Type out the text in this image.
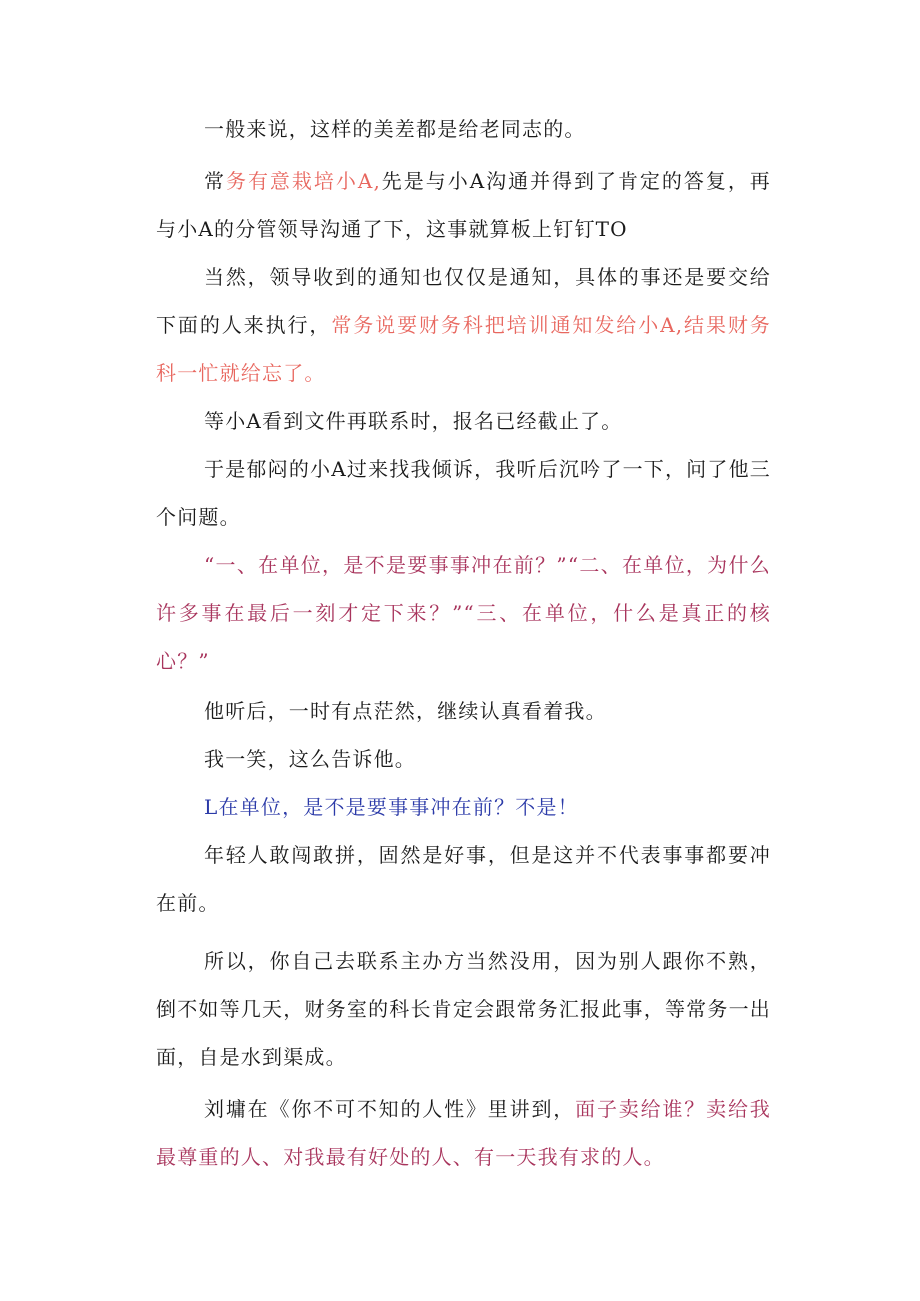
一般来说，这样的美差都是给老同志的。

常务有意栽培小A,先是与小A沟通并得到了肯定的答复，再与小A的分管领导沟通了下，这事就算板上钉钉TO

当然，领导收到的通知也仅仅是通知，具体的事还是要交给下面的人来执行，常务说要财务科把培训通知发给小A,结果财务科一忙就给忘了。

等小A看到文件再联系时，报名已经截止了。

于是郁闷的小A过来找我倾诉，我听后沉吟了一下，问了他三个问题。

“一、在单位，是不是要事事冲在前？”“二、在单位，为什么许多事在最后一刻才定下来？”“三、在单位，什么是真正的核心？”

他听后，一时有点茫然，继续认真看着我。

我一笑，这么告诉他。

L在单位，是不是要事事冲在前？不是！

年轻人敢闯敢拼，固然是好事，但是这并不代表事事都要冲在前。

所以，你自己去联系主办方当然没用，因为别人跟你不熟，倒不如等几天，财务室的科长肯定会跟常务汇报此事，等常务一出面，自是水到渠成。

刘墉在《你不可不知的人性》里讲到，面子卖给谁？卖给我最尊重的人、对我最有好处的人、有一天我有求的人。
